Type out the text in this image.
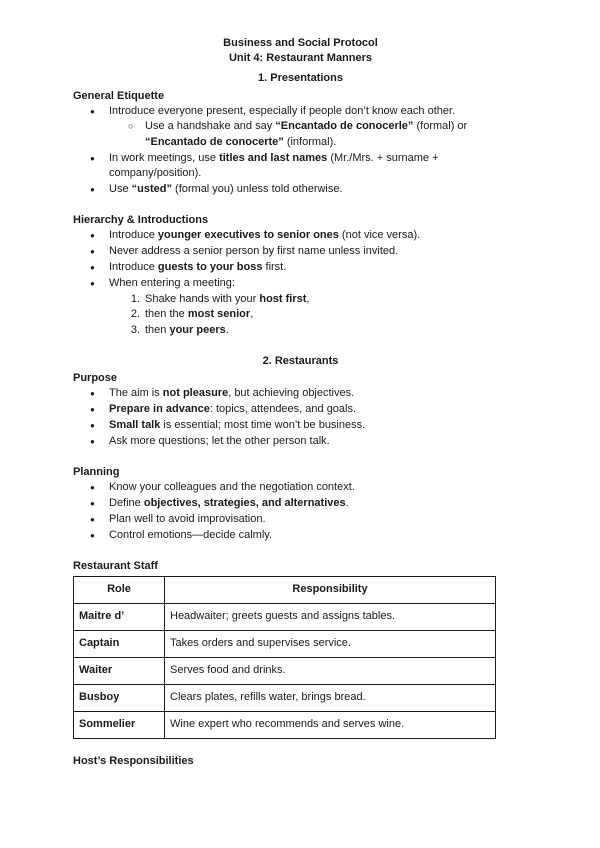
Business and Social Protocol
Unit 4: Restaurant Manners
1. Presentations
General Etiquette
● Introduce everyone present, especially if people don’t know each other.
○ Use a handshake and say “Encantado de conocerle” (formal) or “Encantado de conocerte” (informal).
● In work meetings, use titles and last names (Mr./Mrs. + surname + company/position).
● Use “usted” (formal you) unless told otherwise.
Hierarchy & Introductions
● Introduce younger executives to senior ones (not vice versa).
● Never address a senior person by first name unless invited.
● Introduce guests to your boss first.
● When entering a meeting:
1. Shake hands with your host first,
2. then the most senior,
3. then your peers.
2. Restaurants
Purpose
● The aim is not pleasure, but achieving objectives.
● Prepare in advance: topics, attendees, and goals.
● Small talk is essential; most time won’t be business.
● Ask more questions; let the other person talk.
Planning
● Know your colleagues and the negotiation context.
● Define objectives, strategies, and alternatives.
● Plan well to avoid improvisation.
● Control emotions—decide calmly.
Restaurant Staff
Role	Responsibility
Maitre d’	Headwaiter; greets guests and assigns tables.
Captain	Takes orders and supervises service.
Waiter	Serves food and drinks.
Busboy	Clears plates, refills water, brings bread.
Sommelier	Wine expert who recommends and serves wine.
Host’s Responsibilities
